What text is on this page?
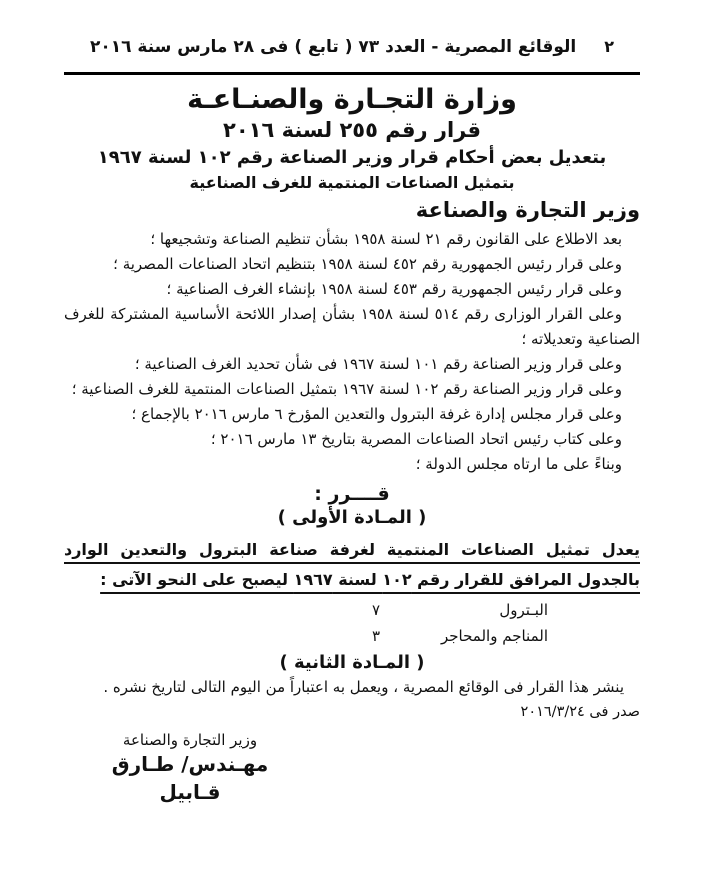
٢
الوقائع المصرية - العدد ٧٣ ( تابع ) فى ٢٨ مارس سنة ٢٠١٦
وزارة التجـارة والصنـاعـة
قرار رقم ٢٥٥ لسنة ٢٠١٦
بتعديل بعض أحكام قرار وزير الصناعة رقم ١٠٢ لسنة ١٩٦٧
بتمثيل الصناعات المنتمية للغرف الصناعية
وزير التجارة والصناعة

بعد الاطلاع على القانون رقم ٢١ لسنة ١٩٥٨ بشأن تنظيم الصناعة وتشجيعها ؛

وعلى قرار رئيس الجمهورية رقم ٤٥٢ لسنة ١٩٥٨ بتنظيم اتحاد الصناعات المصرية ؛

وعلى قرار رئيس الجمهورية رقم ٤٥٣ لسنة ١٩٥٨ بإنشاء الغرف الصناعية ؛

وعلى القرار الوزارى رقم ٥١٤ لسنة ١٩٥٨ بشأن إصدار اللائحة الأساسية المشتركة للغرف الصناعية وتعديلاته ؛

وعلى قرار وزير الصناعة رقم ١٠١ لسنة ١٩٦٧ فى شأن تحديد الغرف الصناعية ؛

وعلى قرار وزير الصناعة رقم ١٠٢ لسنة ١٩٦٧ بتمثيل الصناعات المنتمية للغرف الصناعية ؛

وعلى قرار مجلس إدارة غرفة البترول والتعدين المؤرخ ٦ مارس ٢٠١٦ بالإجماع ؛

وعلى كتاب رئيس اتحاد الصناعات المصرية بتاريخ ١٣ مارس ٢٠١٦ ؛

وبناءً على ما ارتاه مجلس الدولة ؛

قــــرر :
( المـادة الأولى )
يعدل تمثيل الصناعات المنتمية لغرفة صناعة البترول والتعدين الوارد بالجدول المرافق للقرار رقم ١٠٢ لسنة ١٩٦٧ ليصبح على النحو الآتى :
البـترول
٧
المناجم والمحاجر
٣
( المـادة الثانية )
ينشر هذا القرار فى الوقائع المصرية ، ويعمل به اعتباراً من اليوم التالى لتاريخ نشره .
صدر فى ٢٠١٦/٣/٢٤
وزير التجارة والصناعة
مهـندس/ طـارق قـابيل
